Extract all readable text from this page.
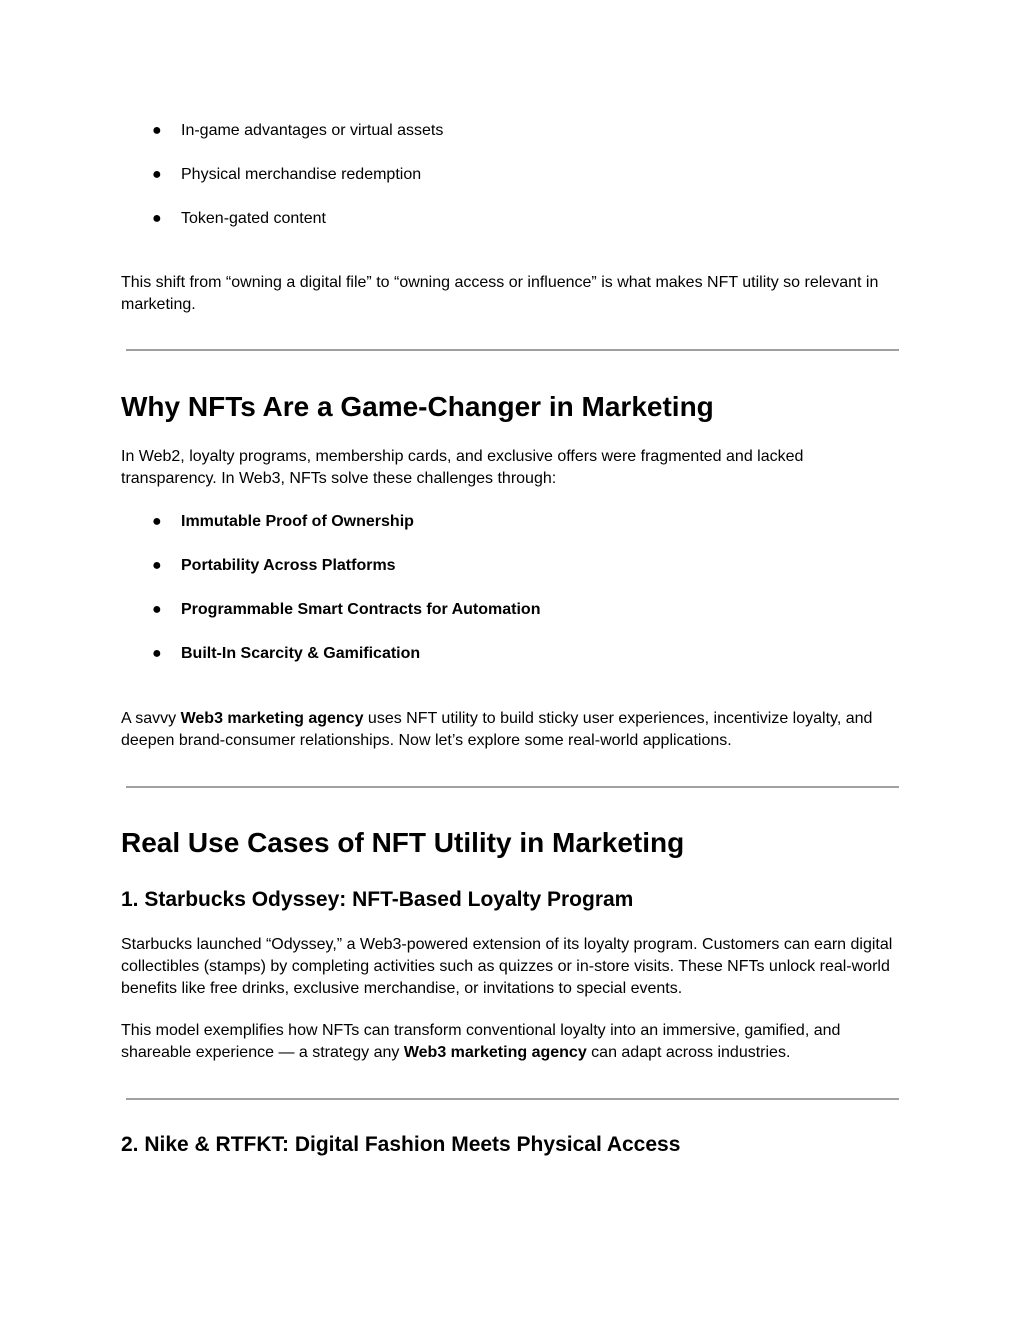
● In-game advantages or virtual assets
● Physical merchandise redemption
● Token-gated content

This shift from “owning a digital file” to “owning access or influence” is what makes NFT utility so relevant in marketing.

Why NFTs Are a Game-Changer in Marketing

In Web2, loyalty programs, membership cards, and exclusive offers were fragmented and lacked transparency. In Web3, NFTs solve these challenges through:

● Immutable Proof of Ownership
● Portability Across Platforms
● Programmable Smart Contracts for Automation
● Built-In Scarcity & Gamification

A savvy Web3 marketing agency uses NFT utility to build sticky user experiences, incentivize loyalty, and deepen brand-consumer relationships. Now let’s explore some real-world applications.

Real Use Cases of NFT Utility in Marketing
1. Starbucks Odyssey: NFT-Based Loyalty Program

Starbucks launched “Odyssey,” a Web3-powered extension of its loyalty program. Customers can earn digital collectibles (stamps) by completing activities such as quizzes or in-store visits. These NFTs unlock real-world benefits like free drinks, exclusive merchandise, or invitations to special events.

This model exemplifies how NFTs can transform conventional loyalty into an immersive, gamified, and shareable experience — a strategy any Web3 marketing agency can adapt across industries.

2. Nike & RTFKT: Digital Fashion Meets Physical Access
